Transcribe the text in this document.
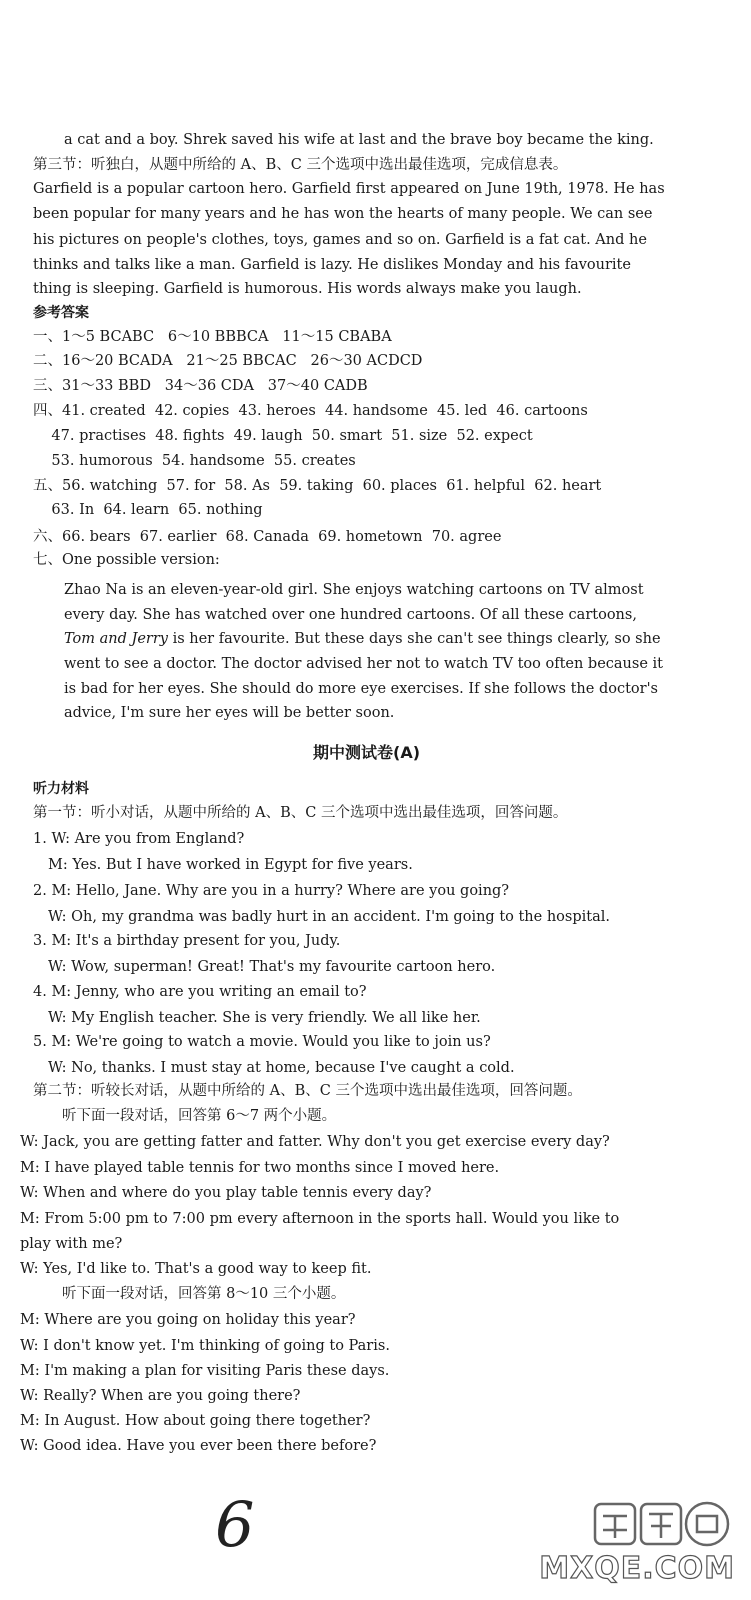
a cat and a boy. Shrek saved his wife at last and the brave boy became the king.
第三节：听独白，从题中所给的 A、B、C 三个选项中选出最佳选项，完成信息表。
Garfield is a popular cartoon hero. Garfield first appeared on June 19th, 1978. He has
been popular for many years and he has won the hearts of many people. We can see
his pictures on people's clothes, toys, games and so on. Garfield is a fat cat. And he
thinks and talks like a man. Garfield is lazy. He dislikes Monday and his favourite
thing is sleeping. Garfield is humorous. His words always make you laugh.
参考答案
一、1～5 BCABC   6～10 BBBCA   11～15 CBABA
二、16～20 BCADA   21～25 BBCAC   26～30 ACDCD
三、31～33 BBD   34～36 CDA   37～40 CADB
四、41. created  42. copies  43. heroes  44. handsome  45. led  46. cartoons
47. practises  48. fights  49. laugh  50. smart  51. size  52. expect
53. humorous  54. handsome  55. creates
五、56. watching  57. for  58. As  59. taking  60. places  61. helpful  62. heart
63. In  64. learn  65. nothing
六、66. bears  67. earlier  68. Canada  69. hometown  70. agree
七、One possible version:
Zhao Na is an eleven-year-old girl. She enjoys watching cartoons on TV almost
every day. She has watched over one hundred cartoons. Of all these cartoons,
Tom and Jerry is her favourite. But these days she can't see things clearly, so she
went to see a doctor. The doctor advised her not to watch TV too often because it
is bad for her eyes. She should do more eye exercises. If she follows the doctor's
advice, I'm sure her eyes will be better soon.
期中测试卷(A)
听力材料
第一节：听小对话，从题中所给的 A、B、C 三个选项中选出最佳选项，回答问题。
1. W: Are you from England?
M: Yes. But I have worked in Egypt for five years.
2. M: Hello, Jane. Why are you in a hurry? Where are you going?
W: Oh, my grandma was badly hurt in an accident. I'm going to the hospital.
3. M: It's a birthday present for you, Judy.
W: Wow, superman! Great! That's my favourite cartoon hero.
4. M: Jenny, who are you writing an email to?
W: My English teacher. She is very friendly. We all like her.
5. M: We're going to watch a movie. Would you like to join us?
W: No, thanks. I must stay at home, because I've caught a cold.
第二节：听较长对话，从题中所给的 A、B、C 三个选项中选出最佳选项，回答问题。
听下面一段对话，回答第 6～7 两个小题。
W: Jack, you are getting fatter and fatter. Why don't you get exercise every day?
M: I have played table tennis for two months since I moved here.
W: When and where do you play table tennis every day?
M: From 5:00 pm to 7:00 pm every afternoon in the sports hall. Would you like to
play with me?
W: Yes, I'd like to. That's a good way to keep fit.
听下面一段对话，回答第 8～10 三个小题。
M: Where are you going on holiday this year?
W: I don't know yet. I'm thinking of going to Paris.
M: I'm making a plan for visiting Paris these days.
W: Really? When are you going there?
M: In August. How about going there together?
W: Good idea. Have you ever been there before?
6
MXQE.COM
